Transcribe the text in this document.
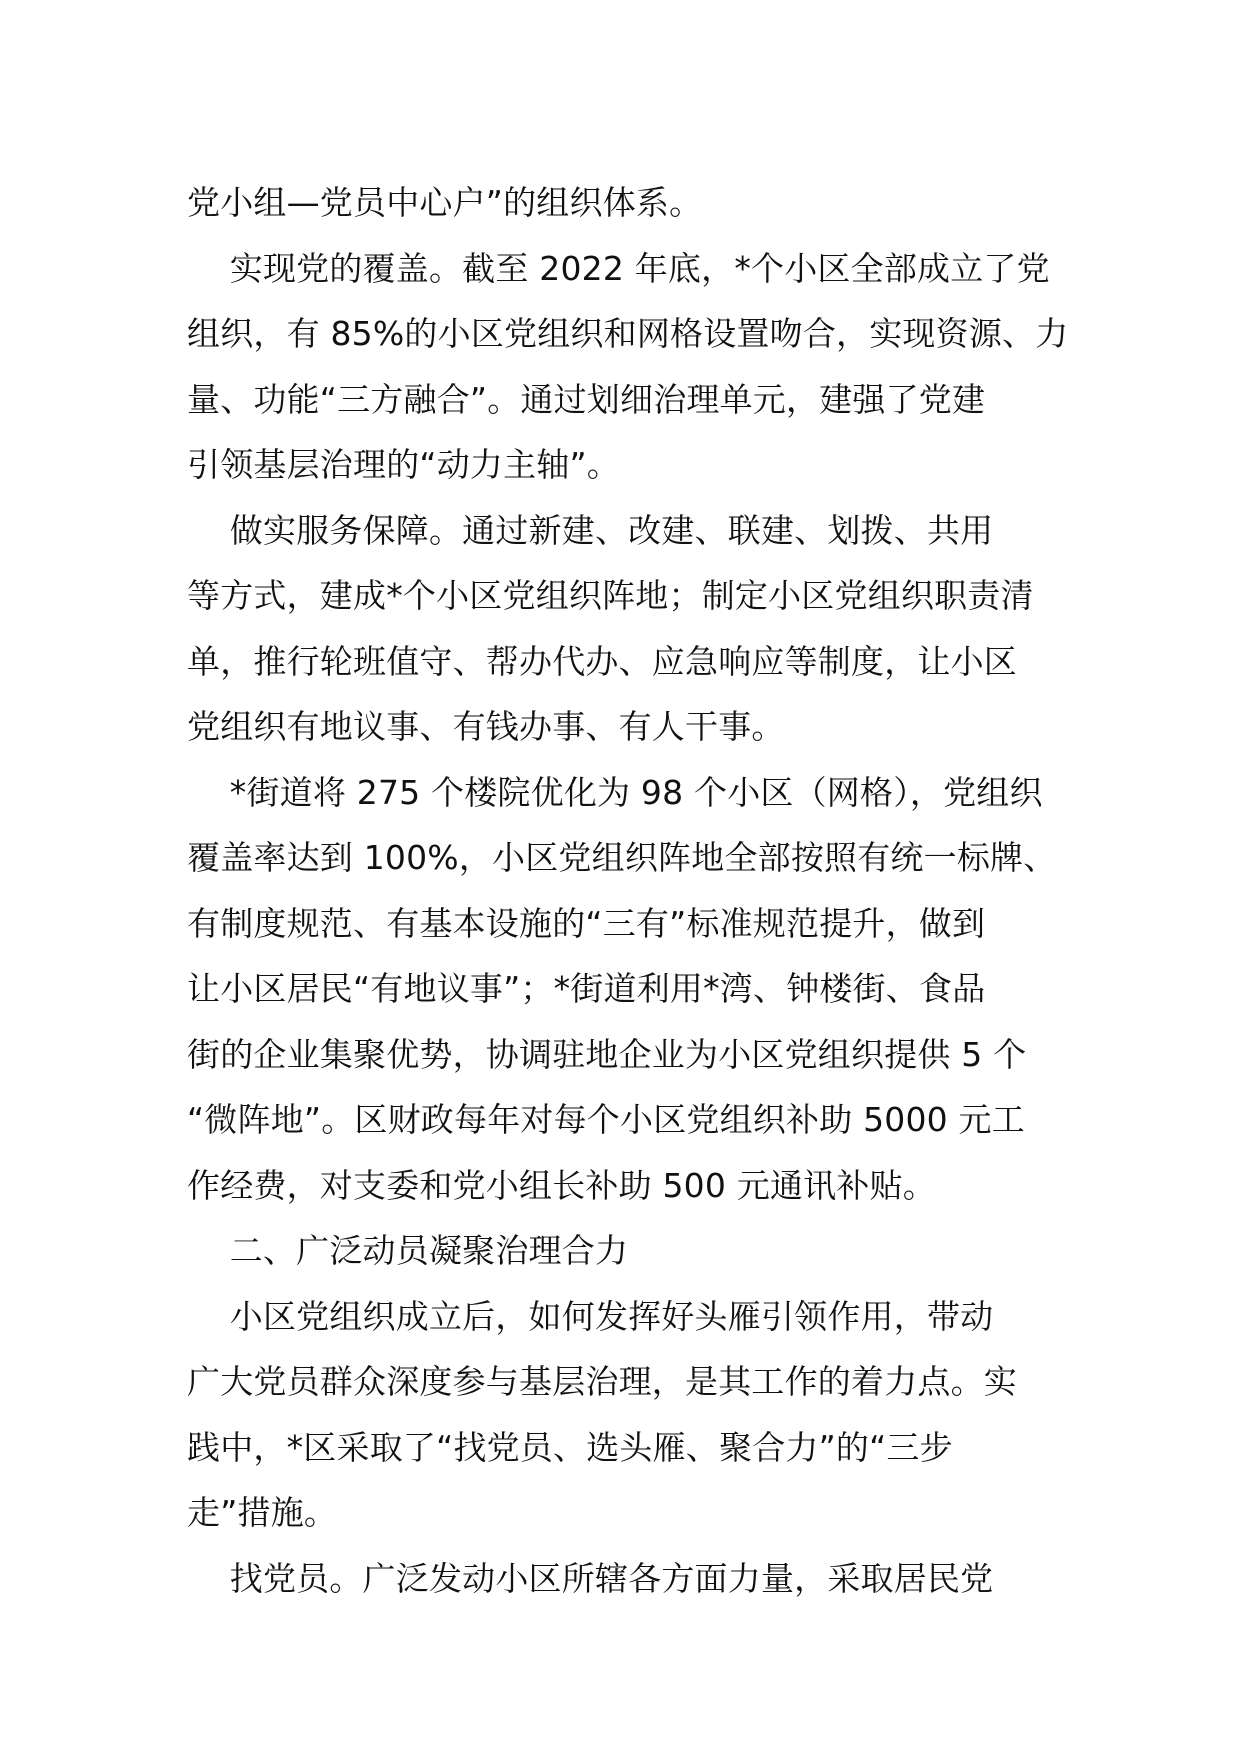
党小组—党员中心户”的组织体系。
实现党的覆盖。截至 2022 年底，*个小区全部成立了党
组织，有 85%的小区党组织和网格设置吻合，实现资源、力
量、功能“三方融合”。通过划细治理单元，建强了党建
引领基层治理的“动力主轴”。
做实服务保障。通过新建、改建、联建、划拨、共用
等方式，建成*个小区党组织阵地；制定小区党组织职责清
单，推行轮班值守、帮办代办、应急响应等制度，让小区
党组织有地议事、有钱办事、有人干事。
*街道将 275 个楼院优化为 98 个小区（网格），党组织
覆盖率达到 100%，小区党组织阵地全部按照有统一标牌、
有制度规范、有基本设施的“三有”标准规范提升，做到
让小区居民“有地议事”；*街道利用*湾、钟楼街、食品
街的企业集聚优势，协调驻地企业为小区党组织提供 5 个
“微阵地”。区财政每年对每个小区党组织补助 5000 元工
作经费，对支委和党小组长补助 500 元通讯补贴。
二、广泛动员凝聚治理合力
小区党组织成立后，如何发挥好头雁引领作用，带动
广大党员群众深度参与基层治理，是其工作的着力点。实
践中，*区采取了“找党员、选头雁、聚合力”的“三步
走”措施。
找党员。广泛发动小区所辖各方面力量，采取居民党
